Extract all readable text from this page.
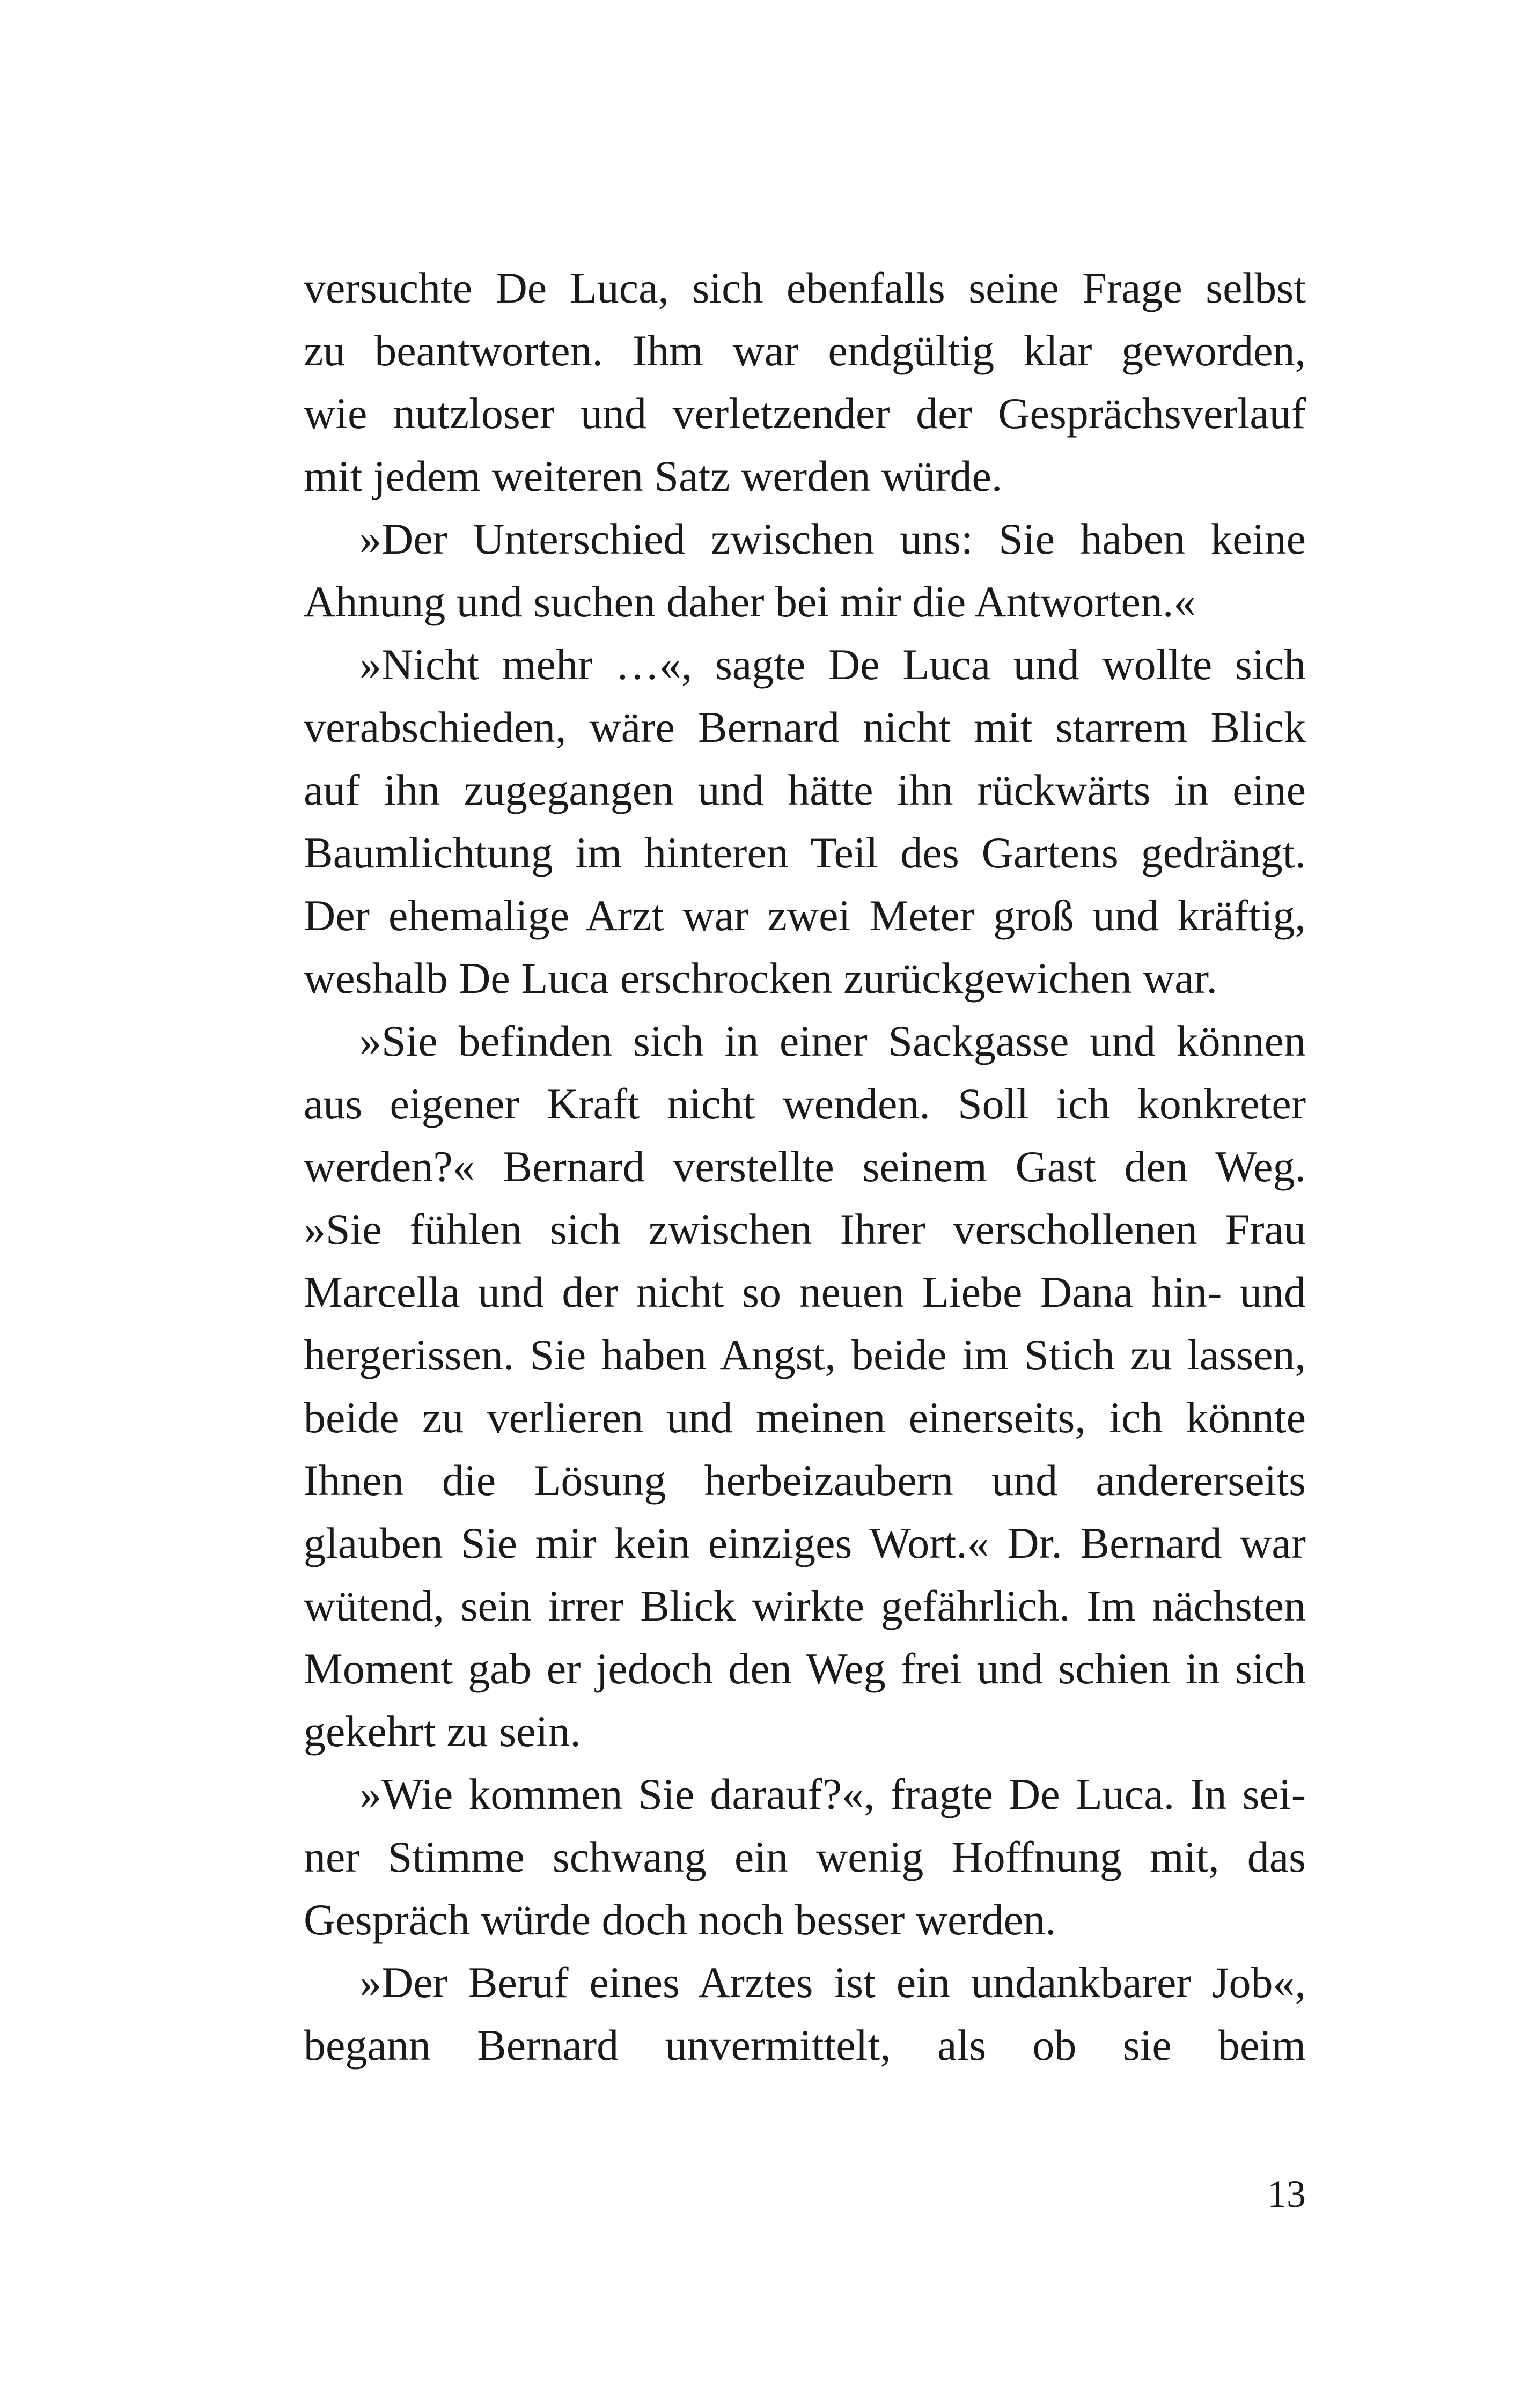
versuchte De Luca, sich ebenfalls seine Frage selbst
zu beantworten. Ihm war endgültig klar geworden,
wie nutzloser und verletzender der Gesprächsverlauf
mit jedem weiteren Satz werden würde.
»Der Unterschied zwischen uns: Sie haben keine
Ahnung und suchen daher bei mir die Antworten.«
»Nicht mehr …«, sagte De Luca und wollte sich
verabschieden, wäre Bernard nicht mit starrem Blick
auf ihn zugegangen und hätte ihn rückwärts in eine
Baumlichtung im hinteren Teil des Gartens gedrängt.
Der ehemalige Arzt war zwei Meter groß und kräftig,
weshalb De Luca erschrocken zurückgewichen war.
»Sie befinden sich in einer Sackgasse und können
aus eigener Kraft nicht wenden. Soll ich konkreter
werden?« Bernard verstellte seinem Gast den Weg.
»Sie fühlen sich zwischen Ihrer verschollenen Frau
Marcella und der nicht so neuen Liebe Dana hin- und
hergerissen. Sie haben Angst, beide im Stich zu lassen,
beide zu verlieren und meinen einerseits, ich könnte
Ihnen die Lösung herbeizaubern und andererseits
glauben Sie mir kein einziges Wort.« Dr. Bernard war
wütend, sein irrer Blick wirkte gefährlich. Im nächsten
Moment gab er jedoch den Weg frei und schien in sich
gekehrt zu sein.
»Wie kommen Sie darauf?«, fragte De Luca. In sei-
ner Stimme schwang ein wenig Hoffnung mit, das
Gespräch würde doch noch besser werden.
»Der Beruf eines Arztes ist ein undankbarer Job«,
begann Bernard unvermittelt, als ob sie beim
13
